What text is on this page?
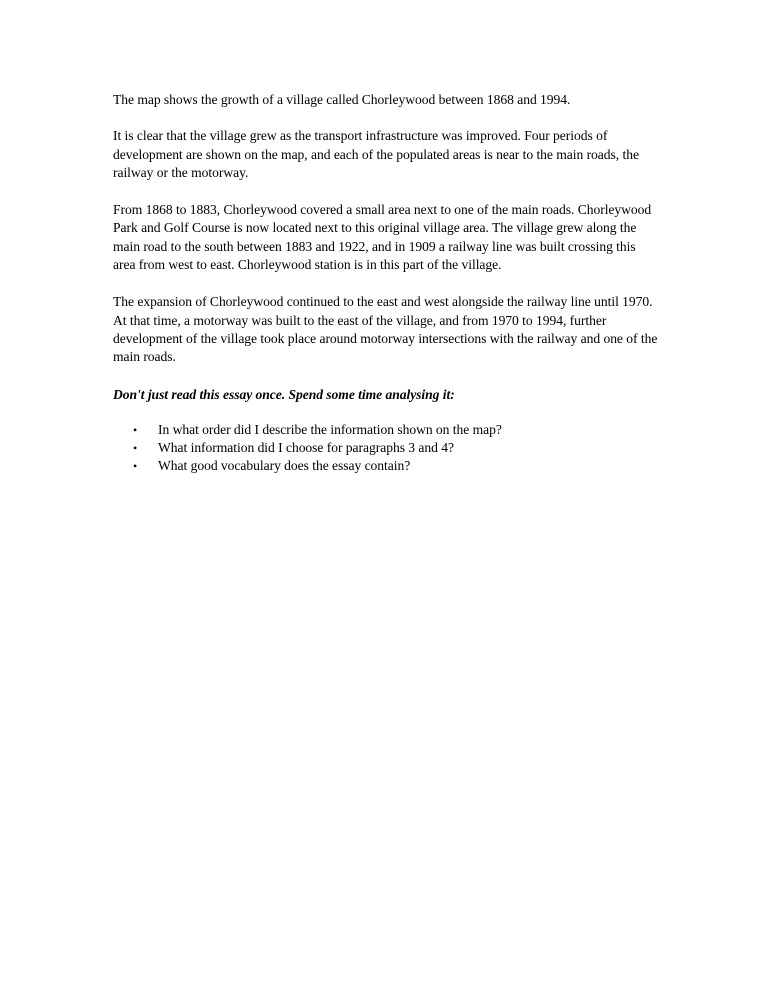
The map shows the growth of a village called Chorleywood between 1868 and 1994.

It is clear that the village grew as the transport infrastructure was improved. Four periods of development are shown on the map, and each of the populated areas is near to the main roads, the railway or the motorway.

From 1868 to 1883, Chorleywood covered a small area next to one of the main roads. Chorleywood Park and Golf Course is now located next to this original village area. The village grew along the main road to the south between 1883 and 1922, and in 1909 a railway line was built crossing this area from west to east. Chorleywood station is in this part of the village.

The expansion of Chorleywood continued to the east and west alongside the railway line until 1970. At that time, a motorway was built to the east of the village, and from 1970 to 1994, further development of the village took place around motorway intersections with the railway and one of the main roads.

Don't just read this essay once. Spend some time analysing it:

• In what order did I describe the information shown on the map?
• What information did I choose for paragraphs 3 and 4?
• What good vocabulary does the essay contain?
